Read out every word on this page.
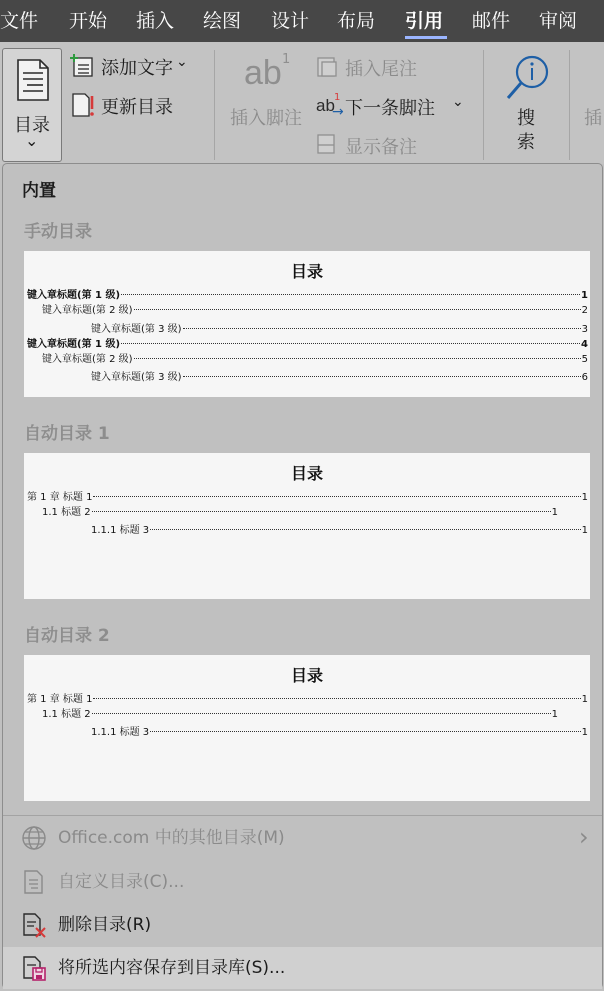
文件 开始 插入 绘图 设计 布局 引用 邮件 审阅
目录
⌄
添加文字 ⌄
更新目录
ab 1
插入脚注
插入尾注
ab 1
→ 下一条脚注 ⌄
显示备注
搜
索
插
内置
手动目录
目录
键入章标题(第 1 级)	1
键入章标题(第 2 级)	2
键入章标题(第 3 级)	3
键入章标题(第 1 级)	4
键入章标题(第 2 级)	5
键入章标题(第 3 级)	6
自动目录 1
目录
第 1 章 标题 1	1
1.1 标题 2	1
1.1.1 标题 3	1
自动目录 2
目录
第 1 章 标题 1	1
1.1 标题 2	1
1.1.1 标题 3	1
Office.com 中的其他目录(M)	›
自定义目录(C)...
删除目录(R)
将所选内容保存到目录库(S)...
